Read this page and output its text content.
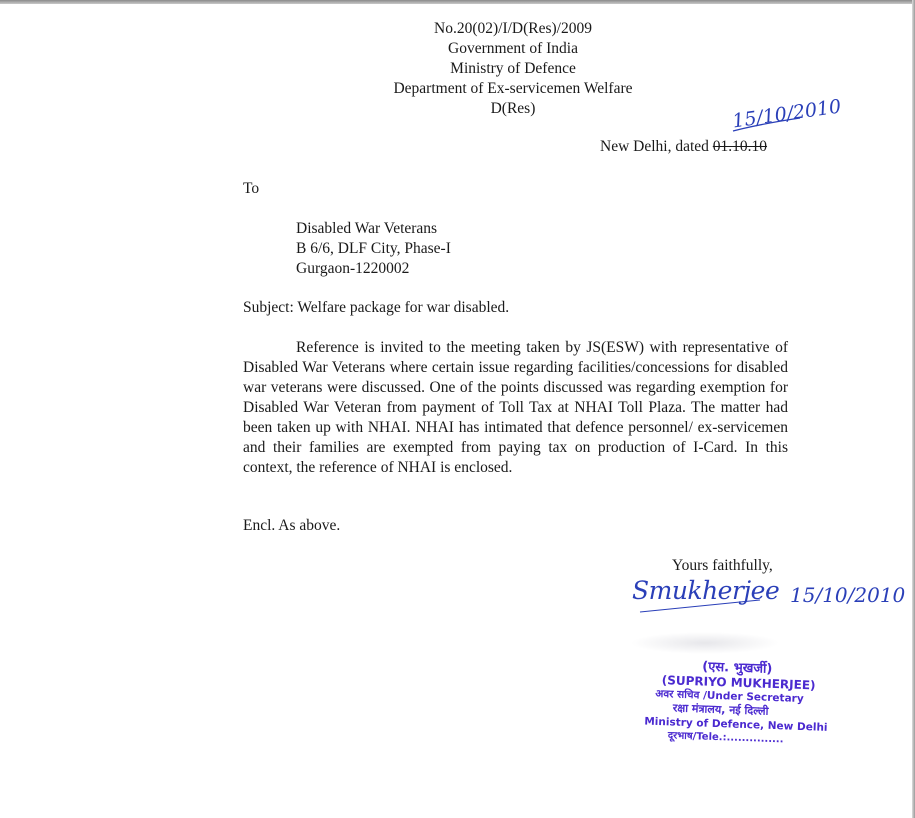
No.20(02)/I/D(Res)/2009
Government of India
Ministry of Defence
Department of Ex-servicemen Welfare
D(Res)	15/10/2010
New Delhi, dated 01.10.10
To
Disabled War Veterans
B 6/6, DLF City, Phase-I
Gurgaon-1220002
Subject: Welfare package for war disabled.
Reference is invited to the meeting taken by JS(ESW) with representative of Disabled War Veterans where certain issue regarding facilities/concessions for disabled war veterans were discussed. One of the points discussed was regarding exemption for Disabled War Veteran from payment of Toll Tax at NHAI Toll Plaza. The matter had been taken up with NHAI. NHAI has intimated that defence personnel/ ex-servicemen and their families are exempted from paying tax on production of I-Card. In this context, the reference of NHAI is enclosed.
Encl. As above.
Yours faithfully,
Smukherjee 15/10/2010
(एस. भुखर्जी)
(SUPRIYO MUKHERJEE)
अवर सचिव /Under Secretary
रक्षा मंत्रालय, नई दिल्ली
Ministry of Defence, New Delhi
दूरभाष/Tele.:...............
